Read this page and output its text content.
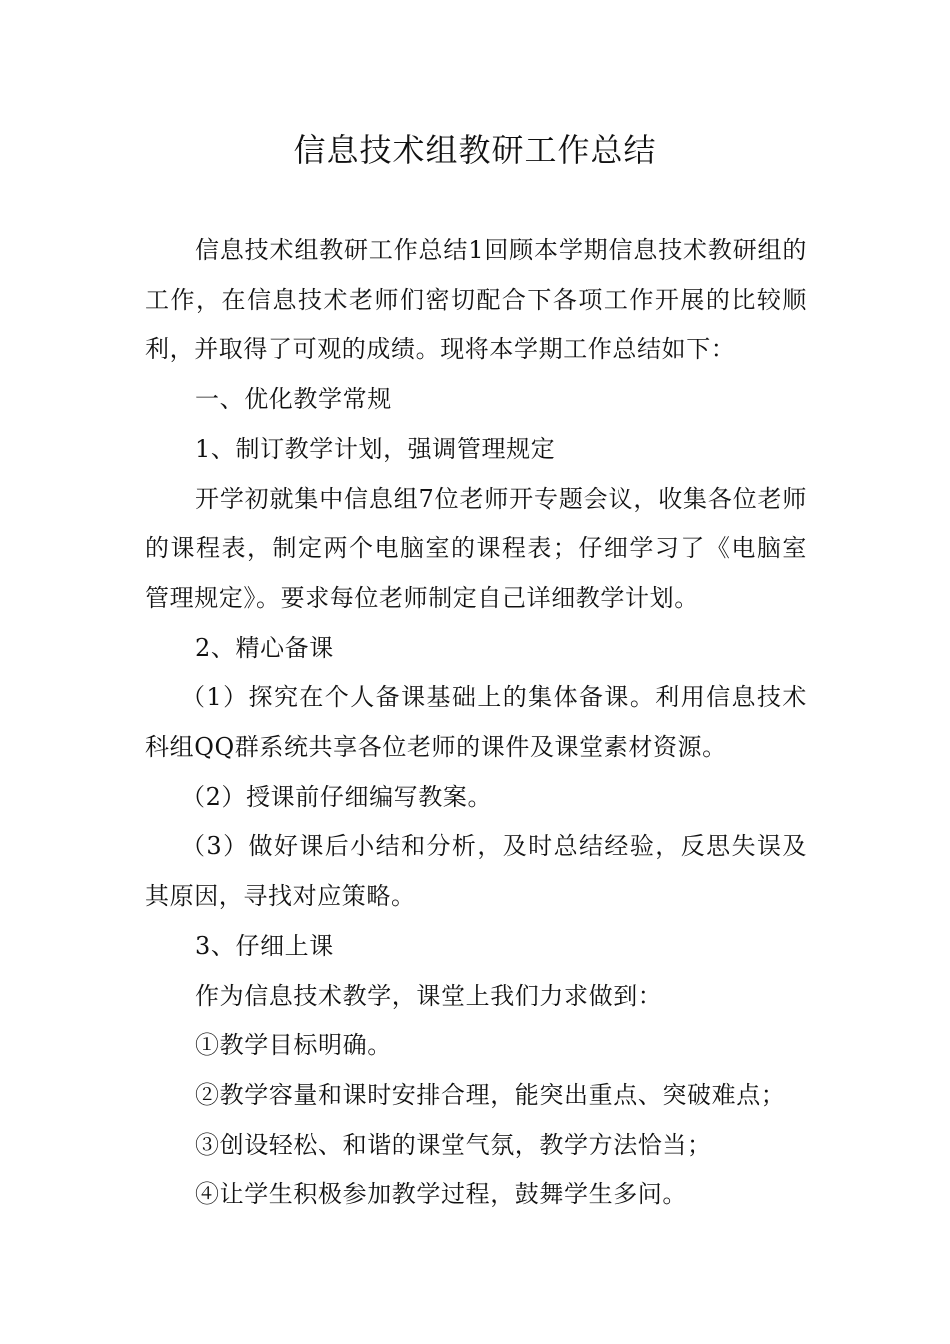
信息技术组教研工作总结

信息技术组教研工作总结1回顾本学期信息技术教研组的工作，在信息技术老师们密切配合下各项工作开展的比较顺利，并取得了可观的成绩。现将本学期工作总结如下：

一、优化教学常规

1、制订教学计划，强调管理规定

开学初就集中信息组7位老师开专题会议，收集各位老师的课程表，制定两个电脑室的课程表；仔细学习了《电脑室管理规定》。要求每位老师制定自己详细教学计划。

2、精心备课

（1）探究在个人备课基础上的集体备课。利用信息技术科组QQ群系统共享各位老师的课件及课堂素材资源。

（2）授课前仔细编写教案。

（3）做好课后小结和分析，及时总结经验，反思失误及其原因，寻找对应策略。

3、仔细上课

作为信息技术教学，课堂上我们力求做到：

①教学目标明确。

②教学容量和课时安排合理，能突出重点、突破难点；

③创设轻松、和谐的课堂气氛，教学方法恰当；

④让学生积极参加教学过程，鼓舞学生多问。
